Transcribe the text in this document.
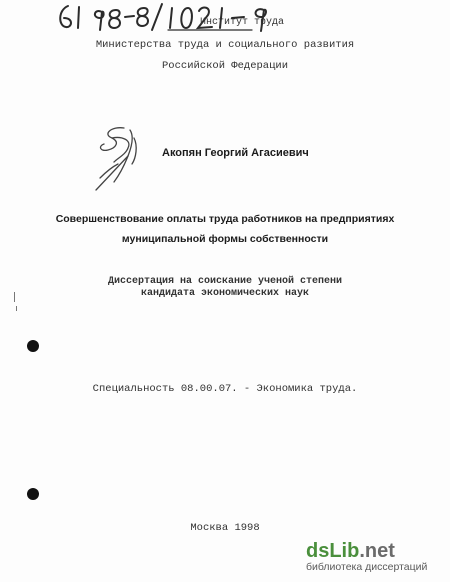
Институт труда
Министерства труда и социального развития
Российской Федерации
Акопян Георгий Агасиевич
Совершенствование оплаты труда работников на предприятиях
муниципальной формы собственности
Диссертация на соискание ученой степени
кандидата экономических наук
Специальность 08.00.07. - Экономика труда.
Москва 1998
dsLib.net
библиотека диссертаций
